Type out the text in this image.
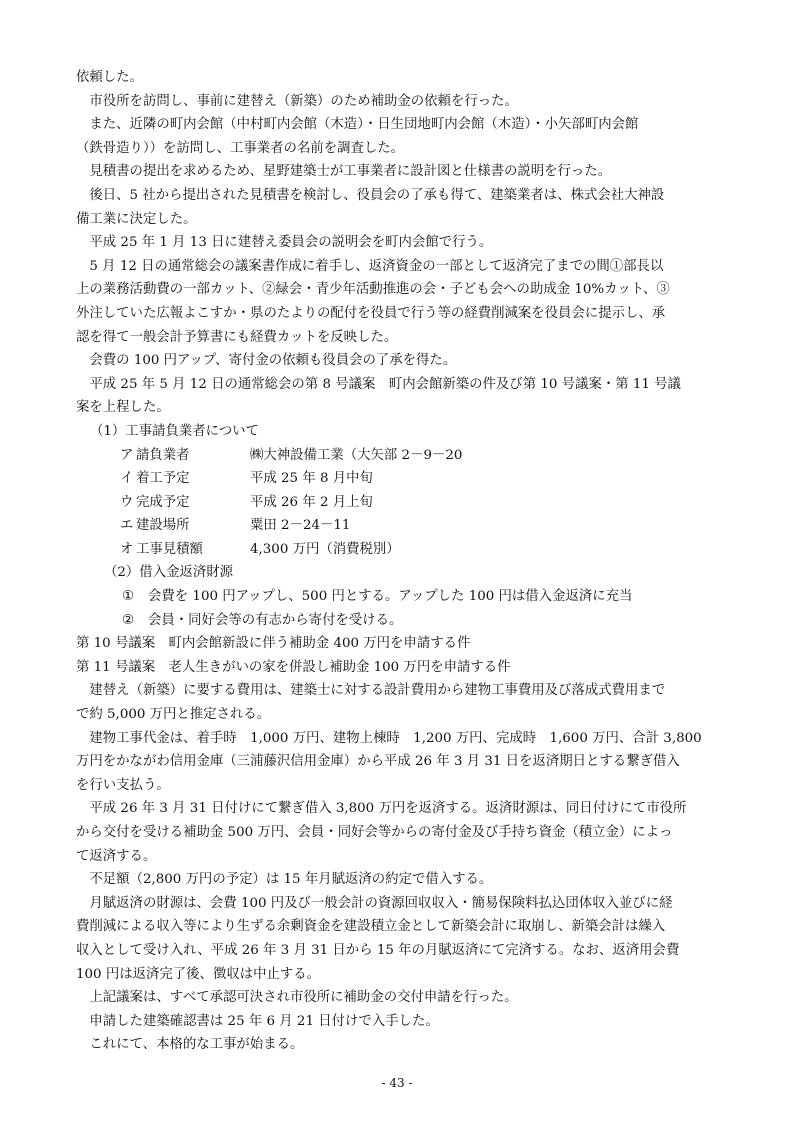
依頼した。
　市役所を訪問し、事前に建替え（新築）のため補助金の依頼を行った。
　また、近隣の町内会館（中村町内会館（木造）・日生団地町内会館（木造）・小矢部町内会館
（鉄骨造り））を訪問し、工事業者の名前を調査した。
　見積書の提出を求めるため、星野建築士が工事業者に設計図と仕様書の説明を行った。
　後日、5 社から提出された見積書を検討し、役員会の了承も得て、建築業者は、株式会社大神設
備工業に決定した。
　平成 25 年 1 月 13 日に建替え委員会の説明会を町内会館で行う。
　5 月 12 日の通常総会の議案書作成に着手し、返済資金の一部として返済完了までの間①部長以
上の業務活動費の一部カット、②緑会・青少年活動推進の会・子ども会への助成金 10%カット、③
外注していた広報よこすか・県のたよりの配付を役員で行う等の経費削減案を役員会に提示し、承
認を得て一般会計予算書にも経費カットを反映した。
　会費の 100 円アップ、寄付金の依頼も役員会の了承を得た。
　平成 25 年 5 月 12 日の通常総会の第 8 号議案　町内会館新築の件及び第 10 号議案・第 11 号議
案を上程した。
（1）工事請負業者について
ア 請負業者	㈱大神設備工業（大矢部 2－9－20
イ 着工予定	平成 25 年 8 月中旬
ウ 完成予定	平成 26 年 2 月上旬
エ 建設場所	粟田 2－24－11
オ 工事見積額	4,300 万円（消費税別）
（2）借入金返済財源
① 会費を 100 円アップし、500 円とする。アップした 100 円は借入金返済に充当
② 会員・同好会等の有志から寄付を受ける。
第 10 号議案　町内会館新設に伴う補助金 400 万円を申請する件
第 11 号議案　老人生きがいの家を併設し補助金 100 万円を申請する件
　建替え（新築）に要する費用は、建築士に対する設計費用から建物工事費用及び落成式費用まで
で約 5,000 万円と推定される。
　建物工事代金は、着手時　1,000 万円、建物上棟時　1,200 万円、完成時　1,600 万円、合計 3,800
万円をかながわ信用金庫（三浦藤沢信用金庫）から平成 26 年 3 月 31 日を返済期日とする繋ぎ借入
を行い支払う。
　平成 26 年 3 月 31 日付けにて繋ぎ借入 3,800 万円を返済する。返済財源は、同日付けにて市役所
から交付を受ける補助金 500 万円、会員・同好会等からの寄付金及び手持ち資金（積立金）によっ
て返済する。
　不足額（2,800 万円の予定）は 15 年月賦返済の約定で借入する。
　月賦返済の財源は、会費 100 円及び一般会計の資源回収収入・簡易保険料払込団体収入並びに経
費削減による収入等により生ずる余剰資金を建設積立金として新築会計に取崩し、新築会計は繰入
収入として受け入れ、平成 26 年 3 月 31 日から 15 年の月賦返済にて完済する。なお、返済用会費
100 円は返済完了後、徴収は中止する。
　上記議案は、すべて承認可決され市役所に補助金の交付申請を行った。
　申請した建築確認書は 25 年 6 月 21 日付けで入手した。
　これにて、本格的な工事が始まる。
- 43 -
